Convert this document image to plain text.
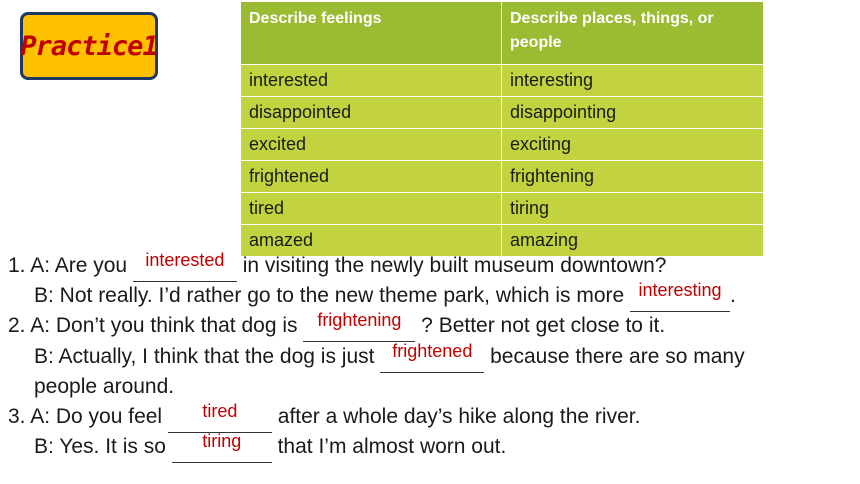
Practice1
Describe feelings	Describe places, things, or people
interested	interesting
disappointed	disappointing
excited	exciting
frightened	frightening
tired	tiring
amazed	amazing
1. A: Are you interested in visiting the newly built museum downtown?
B: Not really. I’d rather go to the new theme park, which is more interesting .
2. A: Don’t you think that dog is frightening ? Better not get close to it.
B: Actually, I think that the dog is just frightened because there are so many
people around.
3. A: Do you feel tired after a whole day’s hike along the river.
B: Yes. It is so tiring that I’m almost worn out.
